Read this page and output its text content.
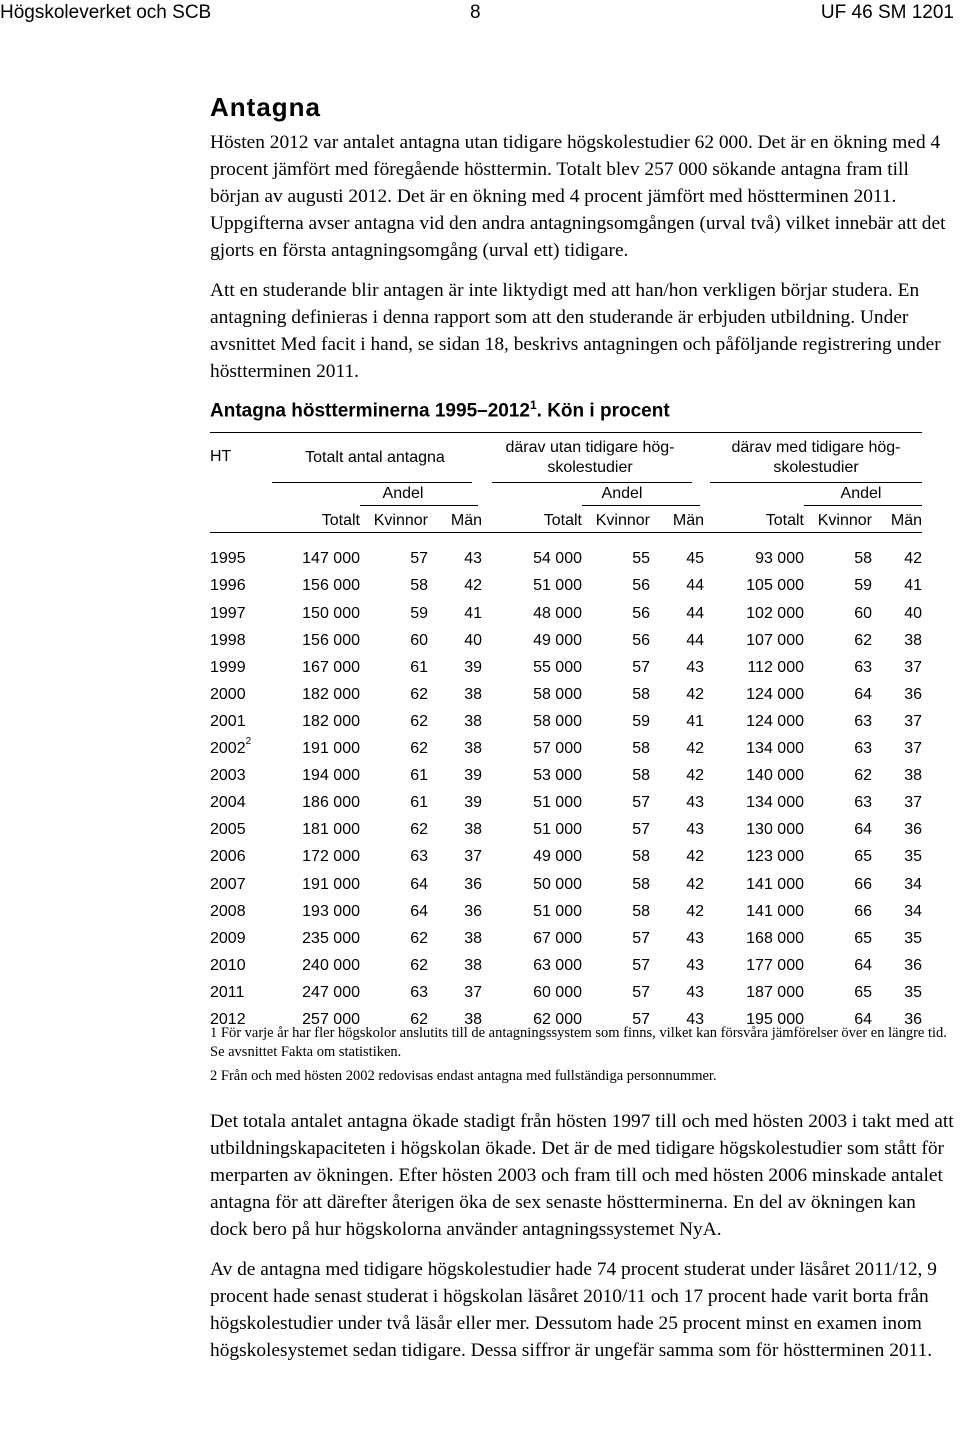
Högskoleverket och SCB	8	UF 46 SM 1201
Antagna

Hösten 2012 var antalet antagna utan tidigare högskolestudier 62 000. Det är en ökning med 4 procent jämfört med föregående hösttermin. Totalt blev 257 000 sökande antagna fram till början av augusti 2012. Det är en ökning med 4 procent jämfört med höstterminen 2011. Uppgifterna avser antagna vid den andra antagningsomgången (urval två) vilket innebär att det gjorts en första antagningsomgång (urval ett) tidigare.

Att en studerande blir antagen är inte liktydigt med att han/hon verkligen börjar studera. En antagning definieras i denna rapport som att den studerande är erbjuden utbildning. Under avsnittet Med facit i hand, se sidan 18, beskrivs antagningen och påföljande registrering under höstterminen 2011.

Antagna höstterminerna 1995–2012$^1$. Kön i procent
HT	Totalt antal antagna
därav utan tidigare hög-skolestudier
därav med tidigare hög-skolestudier
Andel	Andel	Andel
Totalt Kvinnor Män	Totalt Kvinnor Män	Totalt Kvinnor Män
1995	147 000	57 43	54 000	55 45	93 000	58 42
1996	156 000	58 42	51 000	56 44	105 000	59 41
1997	150 000	59 41	48 000	56 44	102 000	60 40
1998	156 000	60 40	49 000	56 44	107 000	62 38
1999	167 000	61 39	55 000	57 43	112 000	63 37
2000	182 000	62 38	58 000	58 42	124 000	64 36
2001	182 000	62 38	58 000	59 41	124 000	63 37
2002$^2$	191 000	62 38	57 000	58 42	134 000	63 37
2003	194 000	61 39	53 000	58 42	140 000	62 38
2004	186 000	61 39	51 000	57 43	134 000	63 37
2005	181 000	62 38	51 000	57 43	130 000	64 36
2006	172 000	63 37	49 000	58 42	123 000	65 35
2007	191 000	64 36	50 000	58 42	141 000	66 34
2008	193 000	64 36	51 000	58 42	141 000	66 34
2009	235 000	62 38	67 000	57 43	168 000	65 35
2010	240 000	62 38	63 000	57 43	177 000	64 36
2011	247 000	63 37	60 000	57 43	187 000	65 35
2012	257 000	62 38	62 000	57 43	195 000	64 36
1 För varje år har fler högskolor anslutits till de antagningssystem som finns, vilket kan försvåra jämförelser över en längre tid. Se avsnittet Fakta om statistiken.
2 Från och med hösten 2002 redovisas endast antagna med fullständiga personnummer.

Det totala antalet antagna ökade stadigt från hösten 1997 till och med hösten 2003 i takt med att utbildningskapaciteten i högskolan ökade. Det är de med tidigare högskolestudier som stått för merparten av ökningen. Efter hösten 2003 och fram till och med hösten 2006 minskade antalet antagna för att därefter återigen öka de sex senaste höstterminerna. En del av ökningen kan dock bero på hur högskolorna använder antagningssystemet NyA.

Av de antagna med tidigare högskolestudier hade 74 procent studerat under läsåret 2011/12, 9 procent hade senast studerat i högskolan läsåret 2010/11 och 17 procent hade varit borta från högskolestudier under två läsår eller mer. Dessutom hade 25 procent minst en examen inom högskolesystemet sedan tidigare. Dessa siffror är ungefär samma som för höstterminen 2011.
